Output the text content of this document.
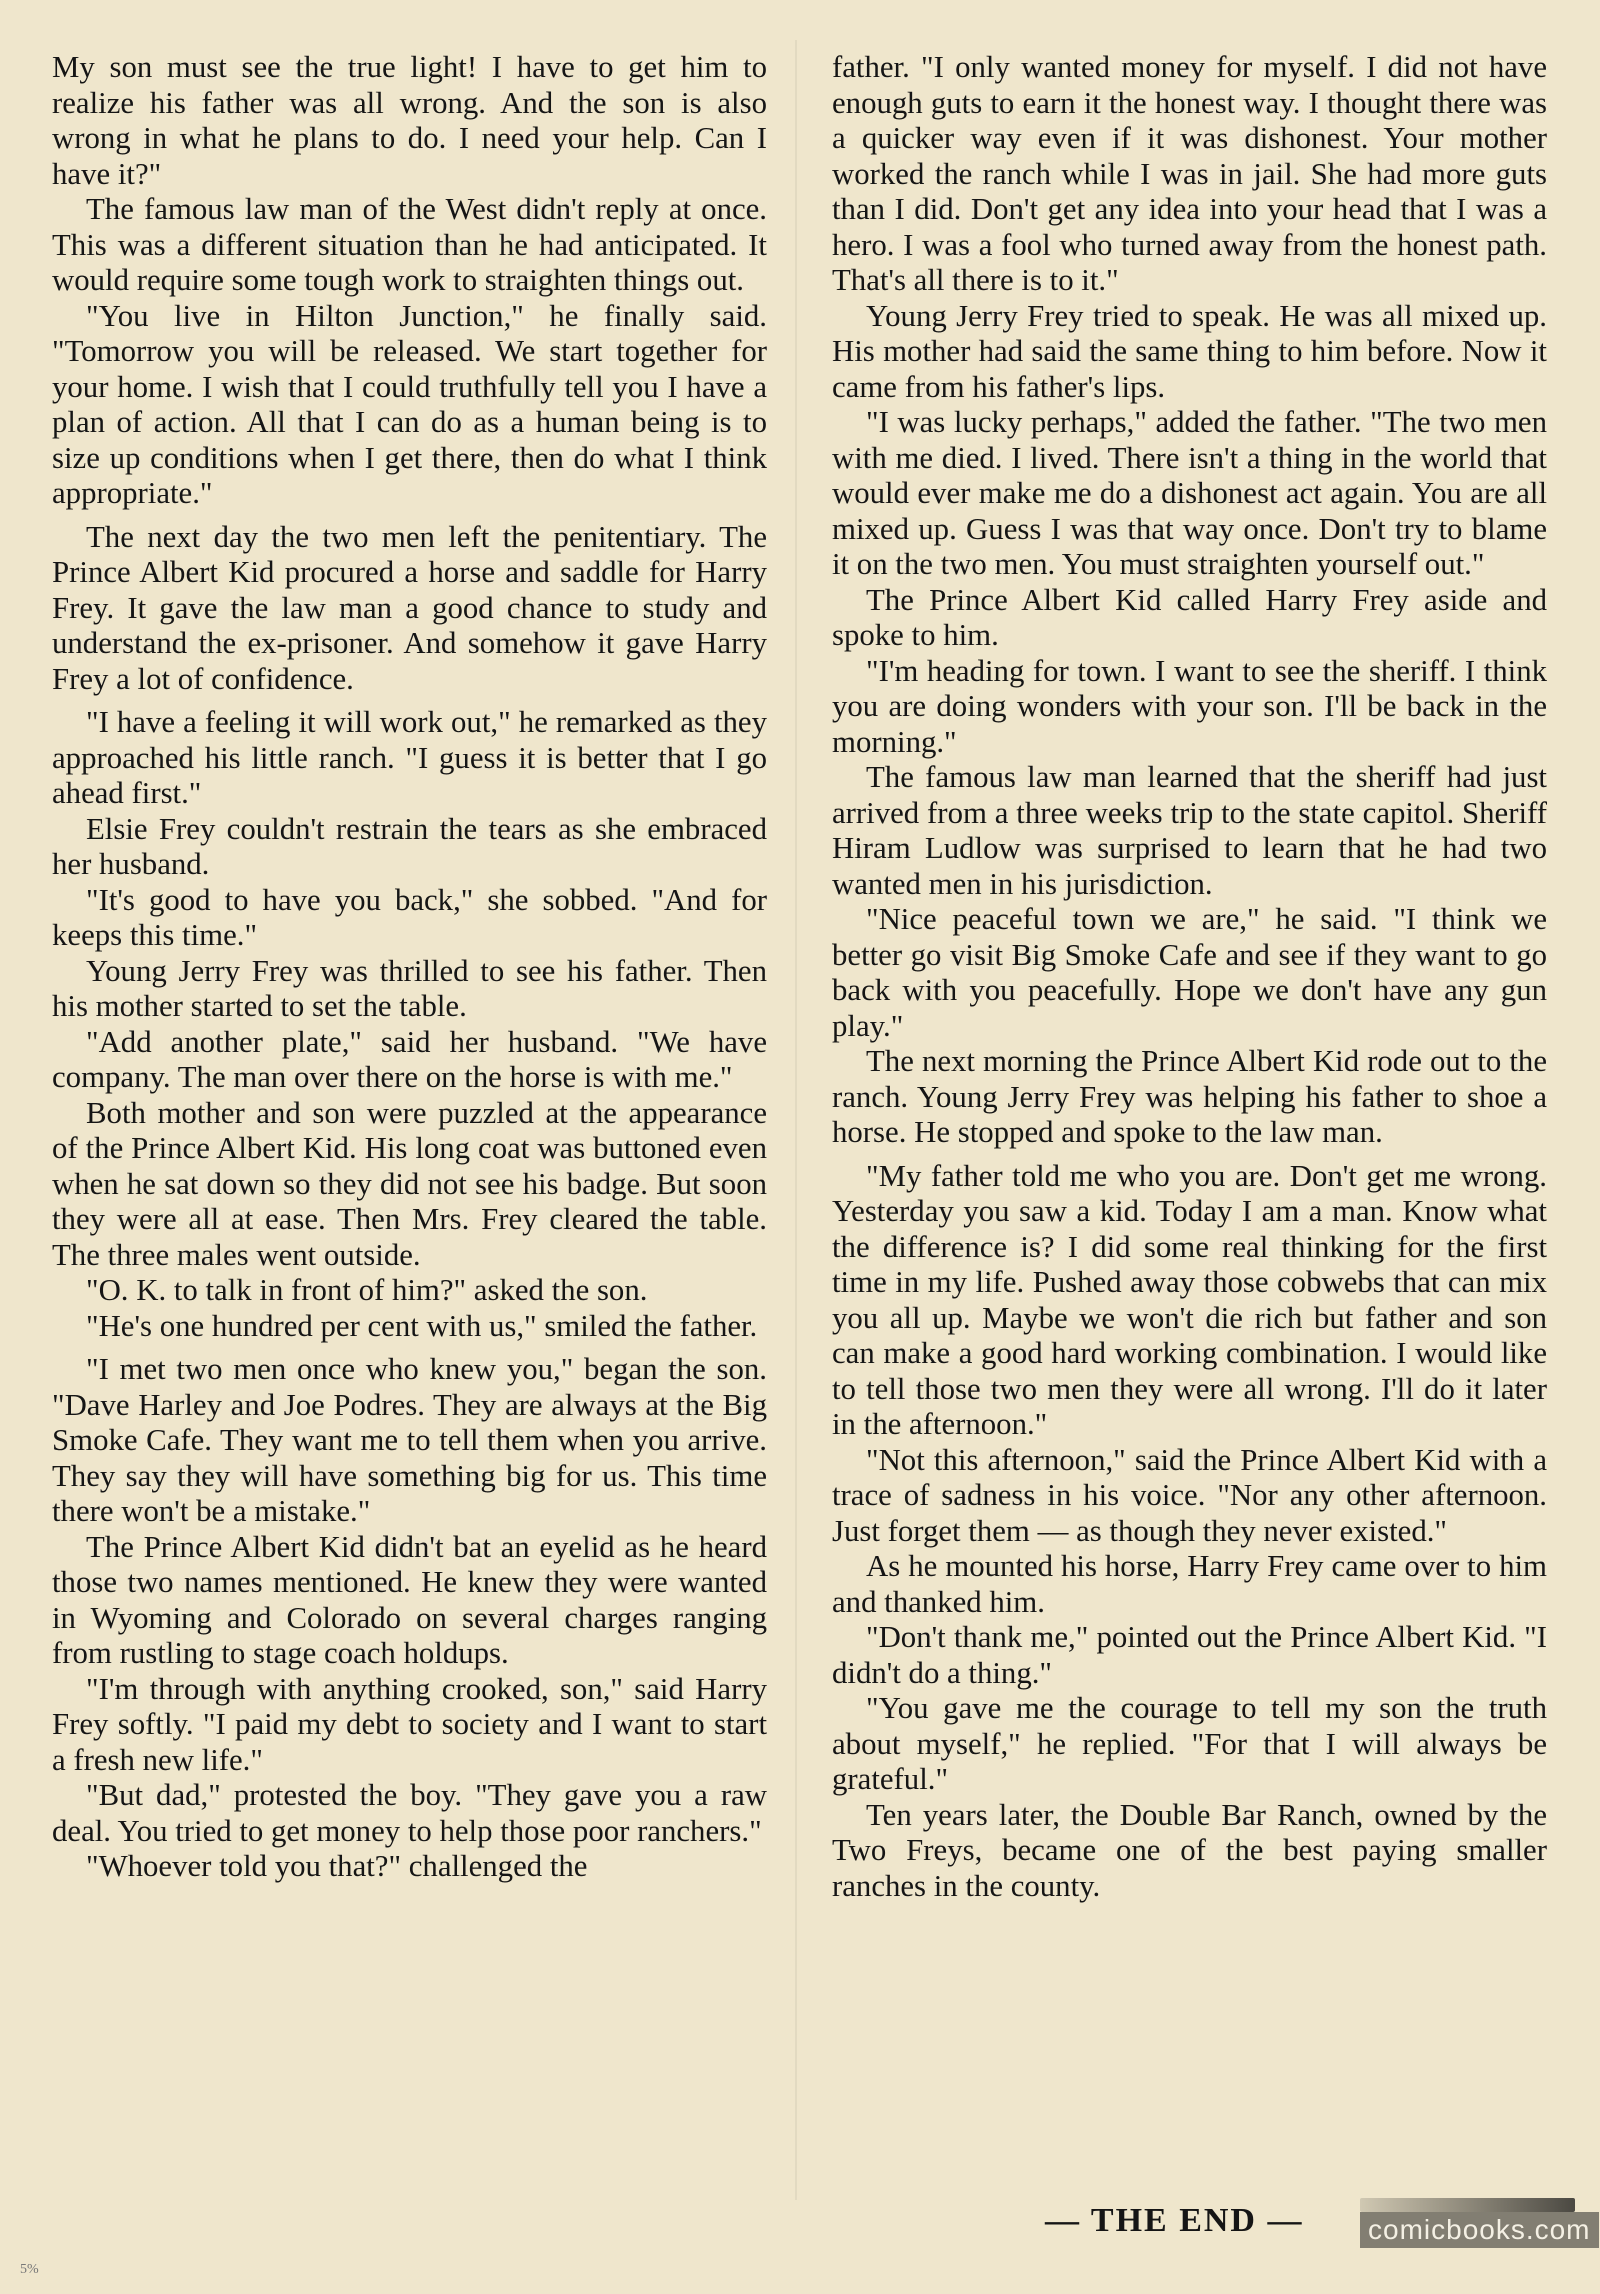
My son must see the true light! I have to get him to realize his father was all wrong. And the son is also wrong in what he plans to do. I need your help. Can I have it?"

The famous law man of the West didn't reply at once. This was a different situation than he had anticipated. It would require some tough work to straighten things out.

"You live in Hilton Junction," he finally said. "Tomorrow you will be released. We start together for your home. I wish that I could truthfully tell you I have a plan of action. All that I can do as a human being is to size up conditions when I get there, then do what I think appropriate."

The next day the two men left the penitentiary. The Prince Albert Kid procured a horse and saddle for Harry Frey. It gave the law man a good chance to study and understand the ex-prisoner. And somehow it gave Harry Frey a lot of confidence.

"I have a feeling it will work out," he remarked as they approached his little ranch. "I guess it is better that I go ahead first."

Elsie Frey couldn't restrain the tears as she embraced her husband.

"It's good to have you back," she sobbed. "And for keeps this time."

Young Jerry Frey was thrilled to see his father. Then his mother started to set the table.

"Add another plate," said her husband. "We have company. The man over there on the horse is with me."

Both mother and son were puzzled at the appearance of the Prince Albert Kid. His long coat was buttoned even when he sat down so they did not see his badge. But soon they were all at ease. Then Mrs. Frey cleared the table. The three males went outside.

"O. K. to talk in front of him?" asked the son.

"He's one hundred per cent with us," smiled the father.

"I met two men once who knew you," began the son. "Dave Harley and Joe Podres. They are always at the Big Smoke Cafe. They want me to tell them when you arrive. They say they will have something big for us. This time there won't be a mistake."

The Prince Albert Kid didn't bat an eyelid as he heard those two names mentioned. He knew they were wanted in Wyoming and Colorado on several charges ranging from rustling to stage coach holdups.

"I'm through with anything crooked, son," said Harry Frey softly. "I paid my debt to society and I want to start a fresh new life."

"But dad," protested the boy. "They gave you a raw deal. You tried to get money to help those poor ranchers."

"Whoever told you that?" challenged the

father. "I only wanted money for myself. I did not have enough guts to earn it the honest way. I thought there was a quicker way even if it was dishonest. Your mother worked the ranch while I was in jail. She had more guts than I did. Don't get any idea into your head that I was a hero. I was a fool who turned away from the honest path. That's all there is to it."

Young Jerry Frey tried to speak. He was all mixed up. His mother had said the same thing to him before. Now it came from his father's lips.

"I was lucky perhaps," added the father. "The two men with me died. I lived. There isn't a thing in the world that would ever make me do a dishonest act again. You are all mixed up. Guess I was that way once. Don't try to blame it on the two men. You must straighten yourself out."

The Prince Albert Kid called Harry Frey aside and spoke to him.

"I'm heading for town. I want to see the sheriff. I think you are doing wonders with your son. I'll be back in the morning."

The famous law man learned that the sheriff had just arrived from a three weeks trip to the state capitol. Sheriff Hiram Ludlow was surprised to learn that he had two wanted men in his jurisdiction.

"Nice peaceful town we are," he said. "I think we better go visit Big Smoke Cafe and see if they want to go back with you peacefully. Hope we don't have any gun play."

The next morning the Prince Albert Kid rode out to the ranch. Young Jerry Frey was helping his father to shoe a horse. He stopped and spoke to the law man.

"My father told me who you are. Don't get me wrong. Yesterday you saw a kid. Today I am a man. Know what the difference is? I did some real thinking for the first time in my life. Pushed away those cobwebs that can mix you all up. Maybe we won't die rich but father and son can make a good hard working combination. I would like to tell those two men they were all wrong. I'll do it later in the afternoon."

"Not this afternoon," said the Prince Albert Kid with a trace of sadness in his voice. "Nor any other afternoon. Just forget them — as though they never existed."

As he mounted his horse, Harry Frey came over to him and thanked him.

"Don't thank me," pointed out the Prince Albert Kid. "I didn't do a thing."

"You gave me the courage to tell my son the truth about myself," he replied. "For that I will always be grateful."

Ten years later, the Double Bar Ranch, owned by the Two Freys, became one of the best paying smaller ranches in the county.

— THE END — comicbooks.com
5%
